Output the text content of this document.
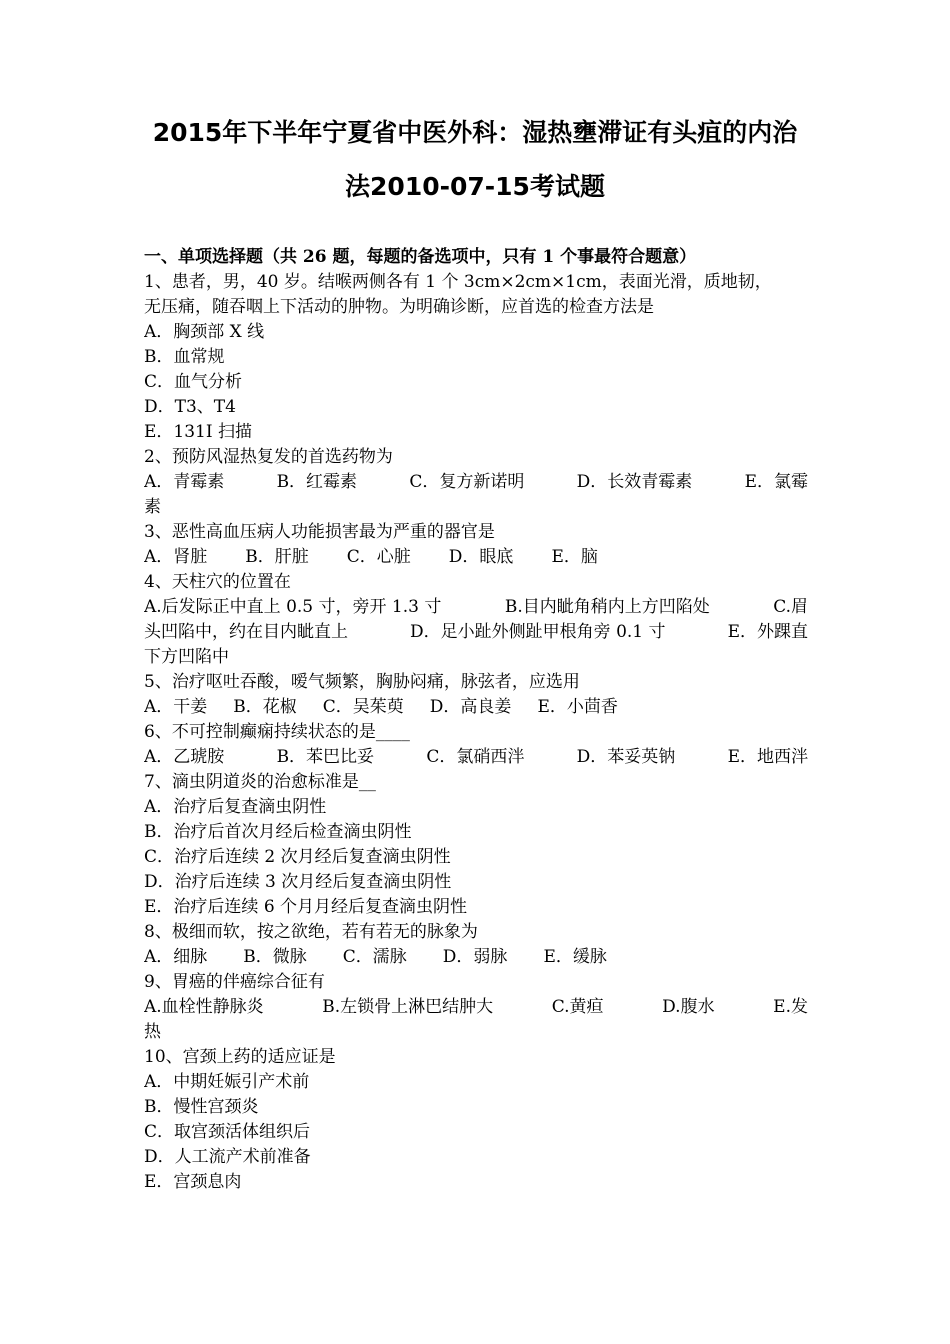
2015年下半年宁夏省中医外科：湿热壅滞证有头疽的内治
法2010-07-15考试题
一、单项选择题（共 26 题，每题的备选项中，只有 1 个事最符合题意）
1、患者，男，40 岁。结喉两侧各有 1 个 3cm×2cm×1cm，表面光滑，质地韧，
无压痛，随吞咽上下活动的肿物。为明确诊断，应首选的检查方法是
A．胸颈部 X 线
B．血常规
C．血气分析
D．T3、T4
E．131I 扫描
2、预防风湿热复发的首选药物为
A．青霉素	B．红霉素	C．复方新诺明	D．长效青霉素	E．氯霉
素
3、恶性高血压病人功能损害最为严重的器官是
A．肾脏 B．肝脏 C．心脏 D．眼底 E．脑
4、天柱穴的位置在
A.后发际正中直上 0.5 寸，旁开 1.3 寸	B.目内眦角稍内上方凹陷处	C.眉
头凹陷中，约在目内眦直上	D．足小趾外侧趾甲根角旁 0.1 寸	E．外踝直
下方凹陷中
5、治疗呕吐吞酸，嗳气频繁，胸胁闷痛，脉弦者，应选用
A．干姜 B．花椒 C．吴茱萸 D．高良姜 E．小茴香
6、不可控制癫痫持续状态的是____
A．乙琥胺	B．苯巴比妥	C．氯硝西泮	D．苯妥英钠	E．地西泮
7、滴虫阴道炎的治愈标准是__
A．治疗后复查滴虫阴性
B．治疗后首次月经后检查滴虫阴性
C．治疗后连续 2 次月经后复查滴虫阴性
D．治疗后连续 3 次月经后复查滴虫阴性
E．治疗后连续 6 个月月经后复查滴虫阴性
8、极细而软，按之欲绝，若有若无的脉象为
A．细脉 B．微脉 C．濡脉 D．弱脉 E．缓脉
9、胃癌的伴癌综合征有
A.血栓性静脉炎	B.左锁骨上淋巴结肿大	C.黄疸	D.腹水	E.发
热
10、宫颈上药的适应证是
A．中期妊娠引产术前
B．慢性宫颈炎
C．取宫颈活体组织后
D．人工流产术前准备
E．宫颈息肉
